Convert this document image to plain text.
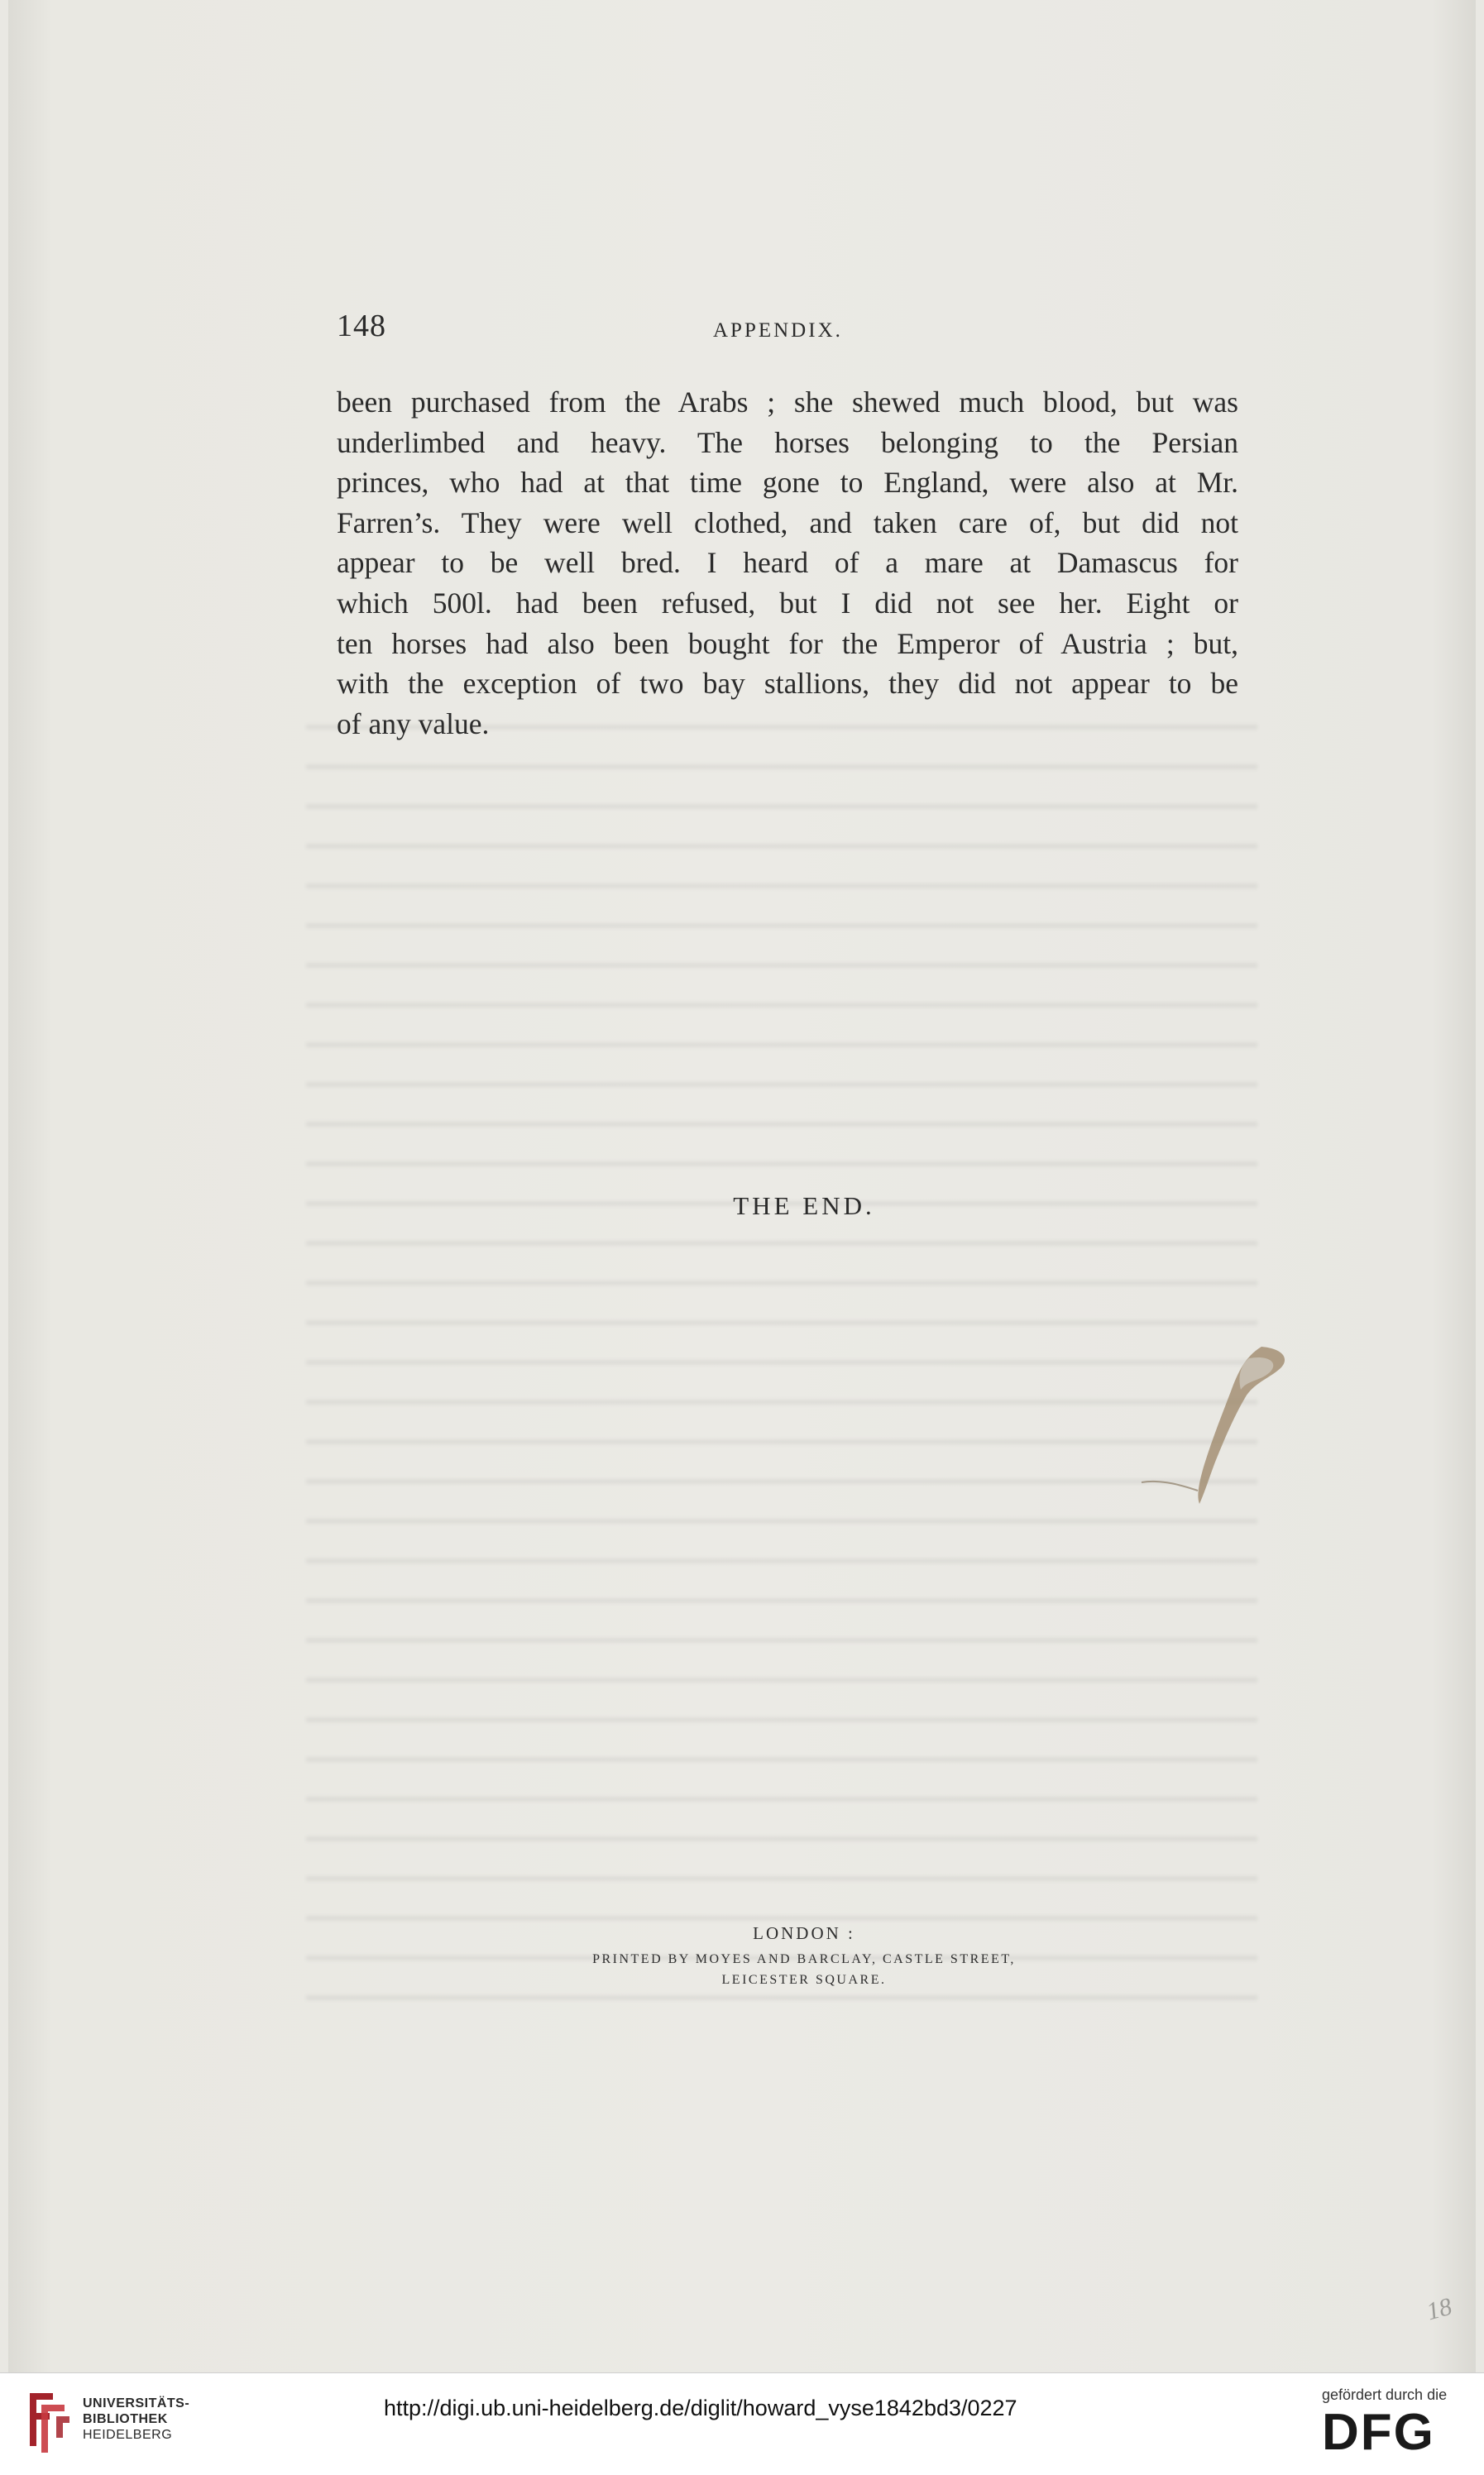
148	APPENDIX.
been purchased from the Arabs ; she shewed much blood, but was
underlimbed and heavy. The horses belonging to the Persian
princes, who had at that time gone to England, were also at Mr.
Farren’s. They were well clothed, and taken care of, but did not
appear to be well bred. I heard of a mare at Damascus for
which 500l. had been refused, but I did not see her. Eight or
ten horses had also been bought for the Emperor of Austria ; but,
with the exception of two bay stallions, they did not appear to be
of any value.
THE END.
LONDON :
PRINTED BY MOYES AND BARCLAY, CASTLE STREET,
LEICESTER SQUARE.
18
UNIVERSITÄTS-
BIBLIOTHEK
HEIDELBERG
http://digi.ub.uni-heidelberg.de/diglit/howard_vyse1842bd3/0227
gefördert durch die
DFG
